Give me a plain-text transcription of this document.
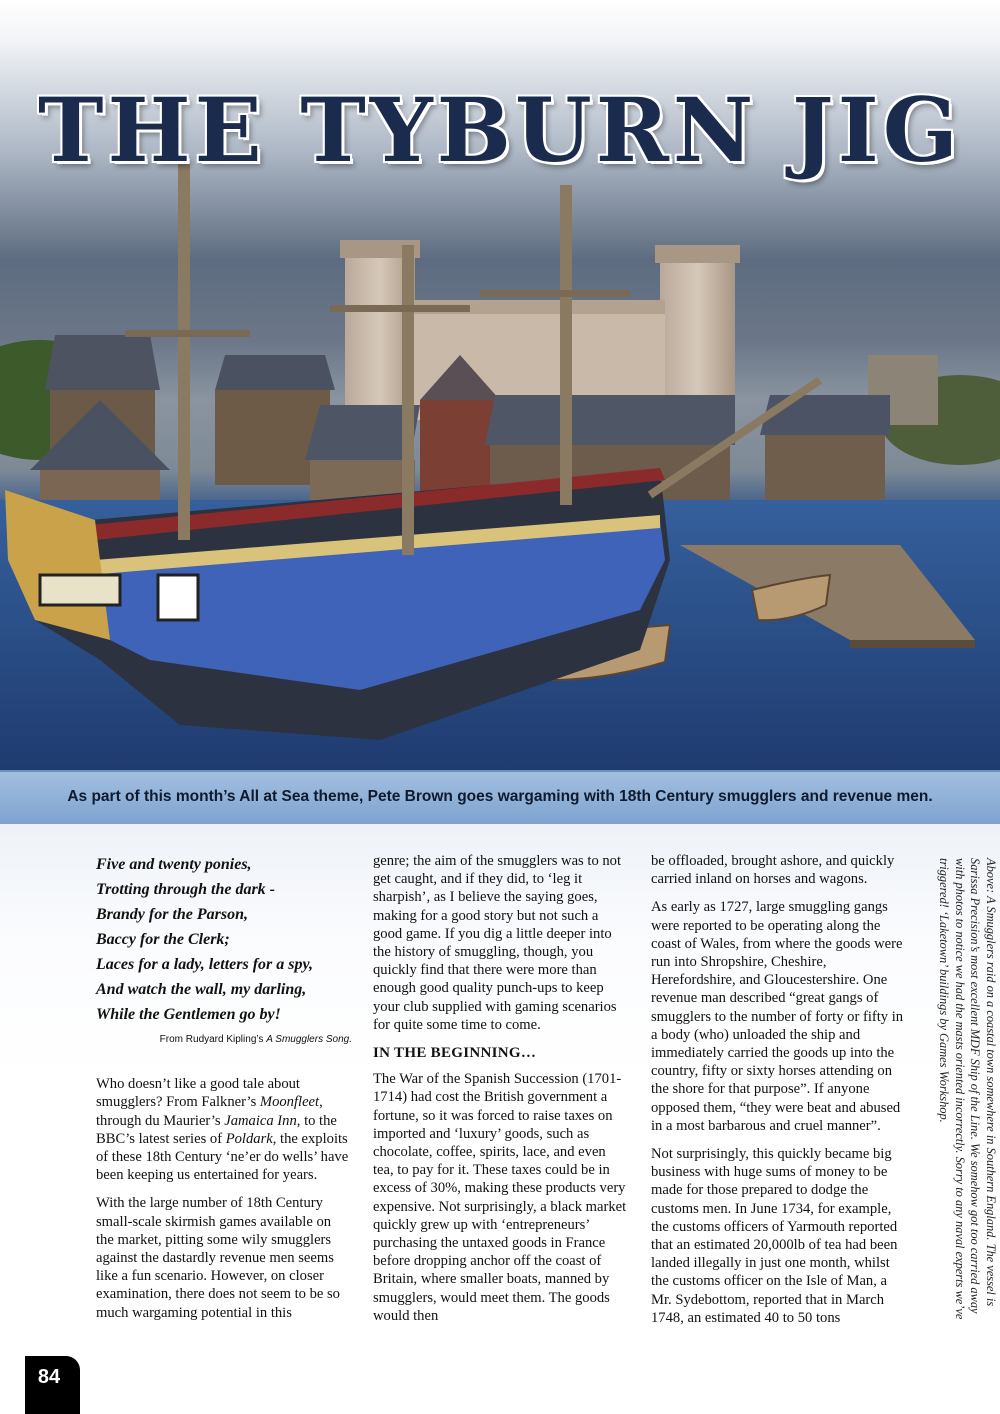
THE TYBURN JIG
As part of this month’s All at Sea theme, Pete Brown goes wargaming with 18th Century smugglers and revenue men.
Five and twenty ponies,
Trotting through the dark -
Brandy for the Parson,
Baccy for the Clerk;
Laces for a lady, letters for a spy,
And watch the wall, my darling,
While the Gentlemen go by!
From Rudyard Kipling’s A Smugglers Song.

Who doesn’t like a good tale about smugglers? From Falkner’s Moonfleet, through du Maurier’s Jamaica Inn, to the BBC’s latest series of Poldark, the exploits of these 18th Century ‘ne’er do wells’ have been keeping us entertained for years.

With the large number of 18th Century small-scale skirmish games available on the market, pitting some wily smugglers against the dastardly revenue men seems like a fun scenario. However, on closer examination, there does not seem to be so much wargaming potential in this

genre; the aim of the smugglers was to not get caught, and if they did, to ‘leg it sharpish’, as I believe the saying goes, making for a good story but not such a good game. If you dig a little deeper into the history of smuggling, though, you quickly find that there were more than enough good quality punch-ups to keep your club supplied with gaming scenarios for quite some time to come.

IN THE BEGINNING…

The War of the Spanish Succession (1701-1714) had cost the British government a fortune, so it was forced to raise taxes on imported and ‘luxury’ goods, such as chocolate, coffee, spirits, lace, and even tea, to pay for it. These taxes could be in excess of 30%, making these products very expensive. Not surprisingly, a black market quickly grew up with ‘entrepreneurs’ purchasing the untaxed goods in France before dropping anchor off the coast of Britain, where smaller boats, manned by smugglers, would meet them. The goods would then

be offloaded, brought ashore, and quickly carried inland on horses and wagons.

As early as 1727, large smuggling gangs were reported to be operating along the coast of Wales, from where the goods were run into Shropshire, Cheshire, Herefordshire, and Gloucestershire. One revenue man described “great gangs of smugglers to the number of forty or fifty in a body (who) unloaded the ship and immediately carried the goods up into the country, fifty or sixty horses attending on the shore for that purpose”. If anyone opposed them, “they were beat and abused in a most barbarous and cruel manner”.

Not surprisingly, this quickly became big business with huge sums of money to be made for those prepared to dodge the customs men. In June 1734, for example, the customs officers of Yarmouth reported that an estimated 20,000lb of tea had been landed illegally in just one month, whilst the customs officer on the Isle of Man, a Mr. Sydebottom, reported that in March 1748, an estimated 40 to 50 tons

Above: A Smugglers raid on a coastal town somewhere in Southern England. The vessel is Sarissa Precision’s most excellent MDF Ship of the Line. We somehow got too carried away with photos to notice we had the masts oriented incorrectly. Sorry to any naval experts we’ve triggered! ‘Laketown’ buildings by Games Workshop.
84
